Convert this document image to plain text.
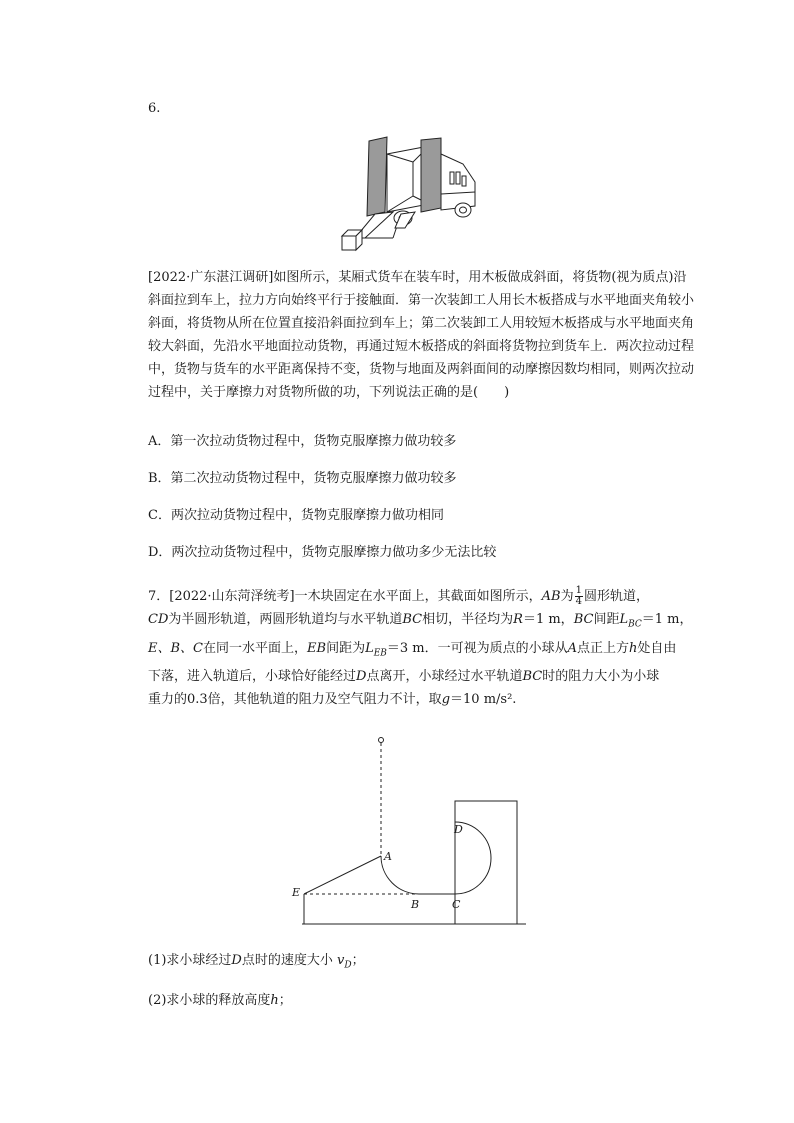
6.

[2022·广东湛江调研]如图所示，某厢式货车在装车时，用木板做成斜面，将货物(视为质点)沿斜面拉到车上，拉力方向始终平行于接触面．第一次装卸工人用长木板搭成与水平地面夹角较小斜面，将货物从所在位置直接沿斜面拉到车上；第二次装卸工人用较短木板搭成与水平地面夹角较大斜面，先沿水平地面拉动货物，再通过短木板搭成的斜面将货物拉到货车上．两次拉动过程中，货物与货车的水平距离保持不变，货物与地面及两斜面间的动摩擦因数均相同，则两次拉动过程中，关于摩擦力对货物所做的功，下列说法正确的是(　　)

A．第一次拉动货物过程中，货物克服摩擦力做功较多
B．第二次拉动货物过程中，货物克服摩擦力做功较多
C．两次拉动货物过程中，货物克服摩擦力做功相同
D．两次拉动货物过程中，货物克服摩擦力做功多少无法比较
7．[2022·山东菏泽统考]一木块固定在水平面上，其截面如图所示，AB为 $\frac{1}{4}$ 圆形轨道，
CD为半圆形轨道，两圆形轨道均与水平轨道BC相切，半径均为R＝1 m，BC间距$L_{BC}=1$ m，
E、B、C在同一水平面上，EB间距为$L_{EB}=3$ m．一可视为质点的小球从A点正上方h处自由
下落，进入轨道后，小球恰好能经过D点离开，小球经过水平轨道BC时的阻力大小为小球
重力的0.3倍，其他轨道的阻力及空气阻力不计，取g＝10 m/s².
A
B	C
D
E
(1)求小球经过D点时的速度大小 $v_D$；
(2)求小球的释放高度h；
